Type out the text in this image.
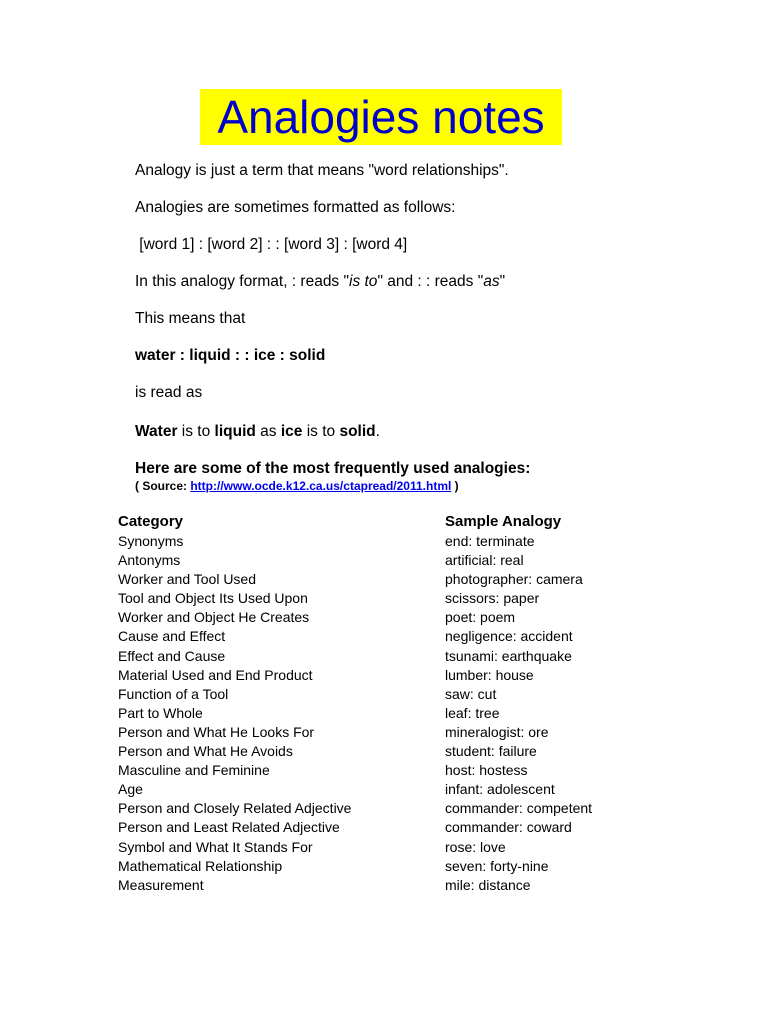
Analogies notes

Analogy is just a term that means "word relationships".

Analogies are sometimes formatted as follows:

[word 1] : [word 2] : : [word 3] : [word 4]

In this analogy format, : reads "is to" and : : reads "as"

This means that

water : liquid : : ice : solid

is read as

Water is to liquid as ice is to solid.

Here are some of the most frequently used analogies:

( Source: http://www.ocde.k12.ca.us/ctapread/2011.html )
Category
Synonyms
Antonyms
Worker and Tool Used
Tool and Object Its Used Upon
Worker and Object He Creates
Cause and Effect
Effect and Cause
Material Used and End Product
Function of a Tool
Part to Whole
Person and What He Looks For
Person and What He Avoids
Masculine and Feminine
Age
Person and Closely Related Adjective
Person and Least Related Adjective
Symbol and What It Stands For
Mathematical Relationship
Measurement
Sample Analogy
end: terminate
artificial: real
photographer: camera
scissors: paper
poet: poem
negligence: accident
tsunami: earthquake
lumber: house
saw: cut
leaf: tree
mineralogist: ore
student: failure
host: hostess
infant: adolescent
commander: competent
commander: coward
rose: love
seven: forty-nine
mile: distance
